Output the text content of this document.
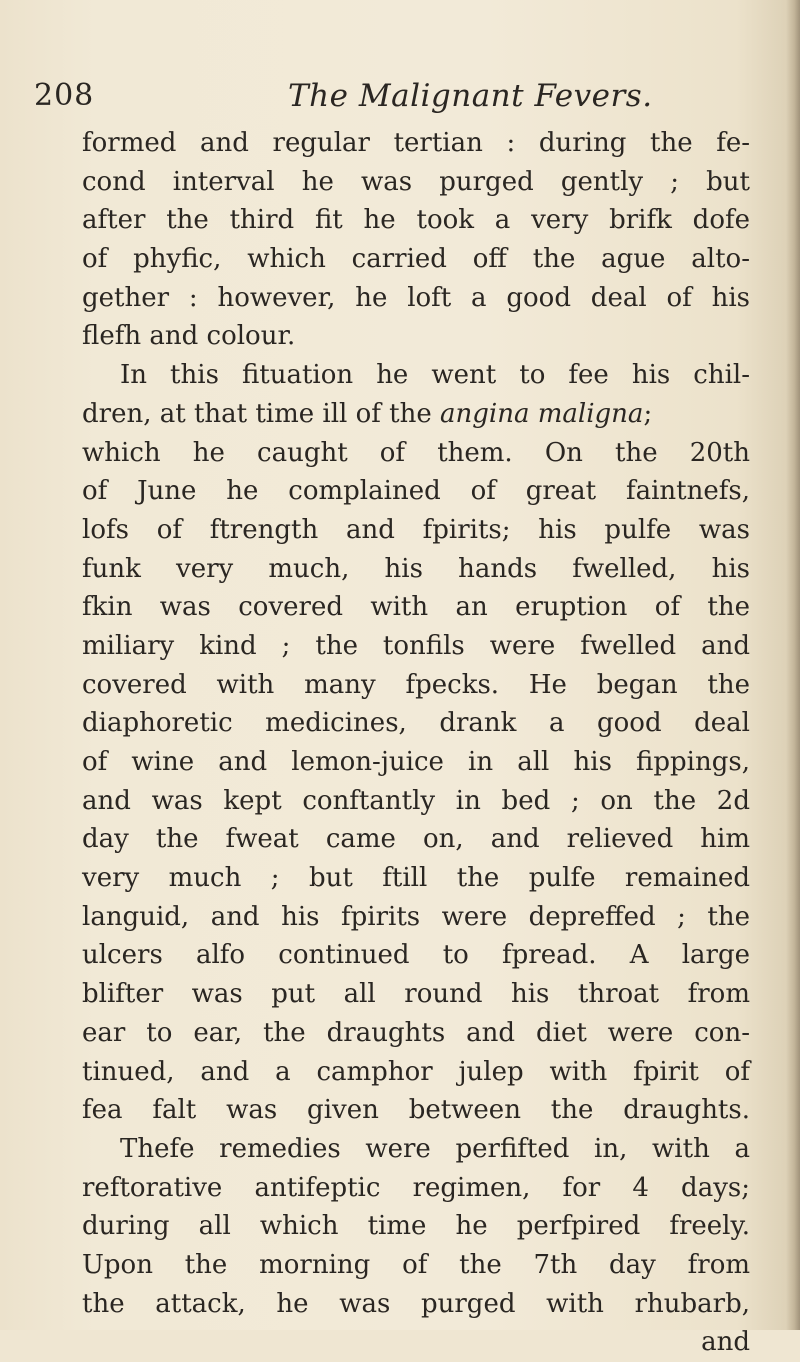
208	The Malignant Fevers.
formed and regular tertian : during the fe-
cond interval he was purged gently ; but
after the third fit he took a very brifk dofe
of phyfic, which carried off the ague alto-
gether : however, he loft a good deal of his
flefh and colour.
In this fituation he went to fee his chil-
dren, at that time ill of the angina maligna;
which he caught of them. On the 20th
of June he complained of great faintnefs,
lofs of ftrength and fpirits; his pulfe was
funk very much, his hands fwelled, his
fkin was covered with an eruption of the
miliary kind ; the tonfils were fwelled and
covered with many fpecks. He began the
diaphoretic medicines, drank a good deal
of wine and lemon-juice in all his fippings,
and was kept conftantly in bed ; on the 2d
day the fweat came on, and relieved him
very much ; but ftill the pulfe remained
languid, and his fpirits were depreffed ; the
ulcers alfo continued to fpread. A large
blifter was put all round his throat from
ear to ear, the draughts and diet were con-
tinued, and a camphor julep with fpirit of
fea falt was given between the draughts.
Thefe remedies were perfifted in, with a
reftorative antifeptic regimen, for 4 days;
during all which time he perfpired freely.
Upon the morning of the 7th day from
the attack, he was purged with rhubarb,
and
